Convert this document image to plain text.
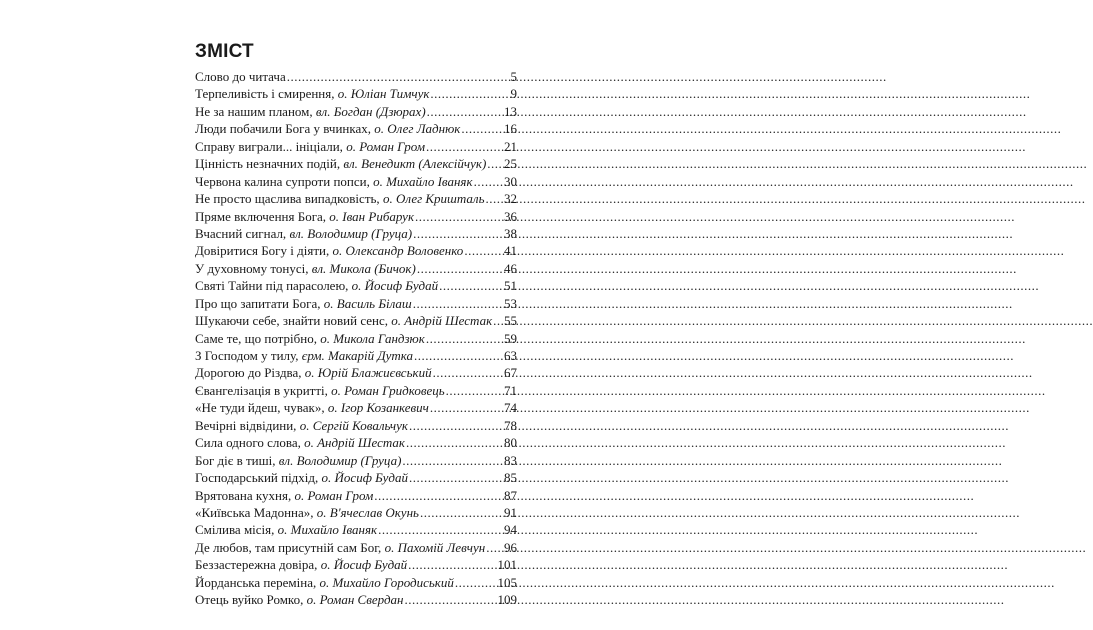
ЗМІСТ
Слово до читача .....	5
Терпеливість і смирення, о. Юліан Тимчук .....	9
Не за нашим планом, вл. Богдан (Дзюрах) .....	13
Люди побачили Бога у вчинках, о. Олег Ладнюк .....	16
Справу виграли... ініціали, о. Роман Гром .....	21
Цінність незначних подій, вл. Венедикт (Алексійчук) ..... 25
Червона калина супроти попси, о. Михайло Іваняк ..... 30
Не просто щаслива випадковість, о. Олег Кришталь ..... 32
Пряме включення Бога, о. Іван Рибарук .....	36
Вчасний сигнал, вл. Володимир (Груца) .....	38
Довіритися Богу і діяти, о. Олександр Воловенко .....	41
У духовному тонусі, вл. Микола (Бичок) .....	46
Святі Тайни під парасолею, о. Йосиф Будай .....	51
Про що запитати Бога, о. Василь Білаш .....	53
Шукаючи себе, знайти новий сенс, о. Андрій Шестак ..... 55
Саме те, що потрібно, о. Микола Гандзюк .....	59
З Господом у тилу, єрм. Макарій Дутка .....	63
Дорогою до Різдва, о. Юрій Блажиєвський .....	67
Євангелізація в укритті, о. Роман Гридковець .....	71
«Не туди йдеш, чувак», о. Ігор Козанкевич .....	74
Вечірні відвідини, о. Сергій Ковальчук .....	78
Сила одного слова, о. Андрій Шестак .....	80
Бог діє в тиші, вл. Володимир (Груца) .....	83
Господарський підхід, о. Йосиф Будай .....	85
Врятована кухня, о. Роман Гром .....	87
«Київська Мадонна», о. В'ячеслав Окунь .....	91
Смілива місія, о. Михайло Іваняк .....	94
Де любов, там присутній сам Бог, о. Пахомій Левчун ..... 96
Беззастережна довіра, о. Йосиф Будай .....	101
Йорданська переміна, о. Михайло Городиський .....	105
Отець вуйко Ромко, о. Роман Свердан .....	109
